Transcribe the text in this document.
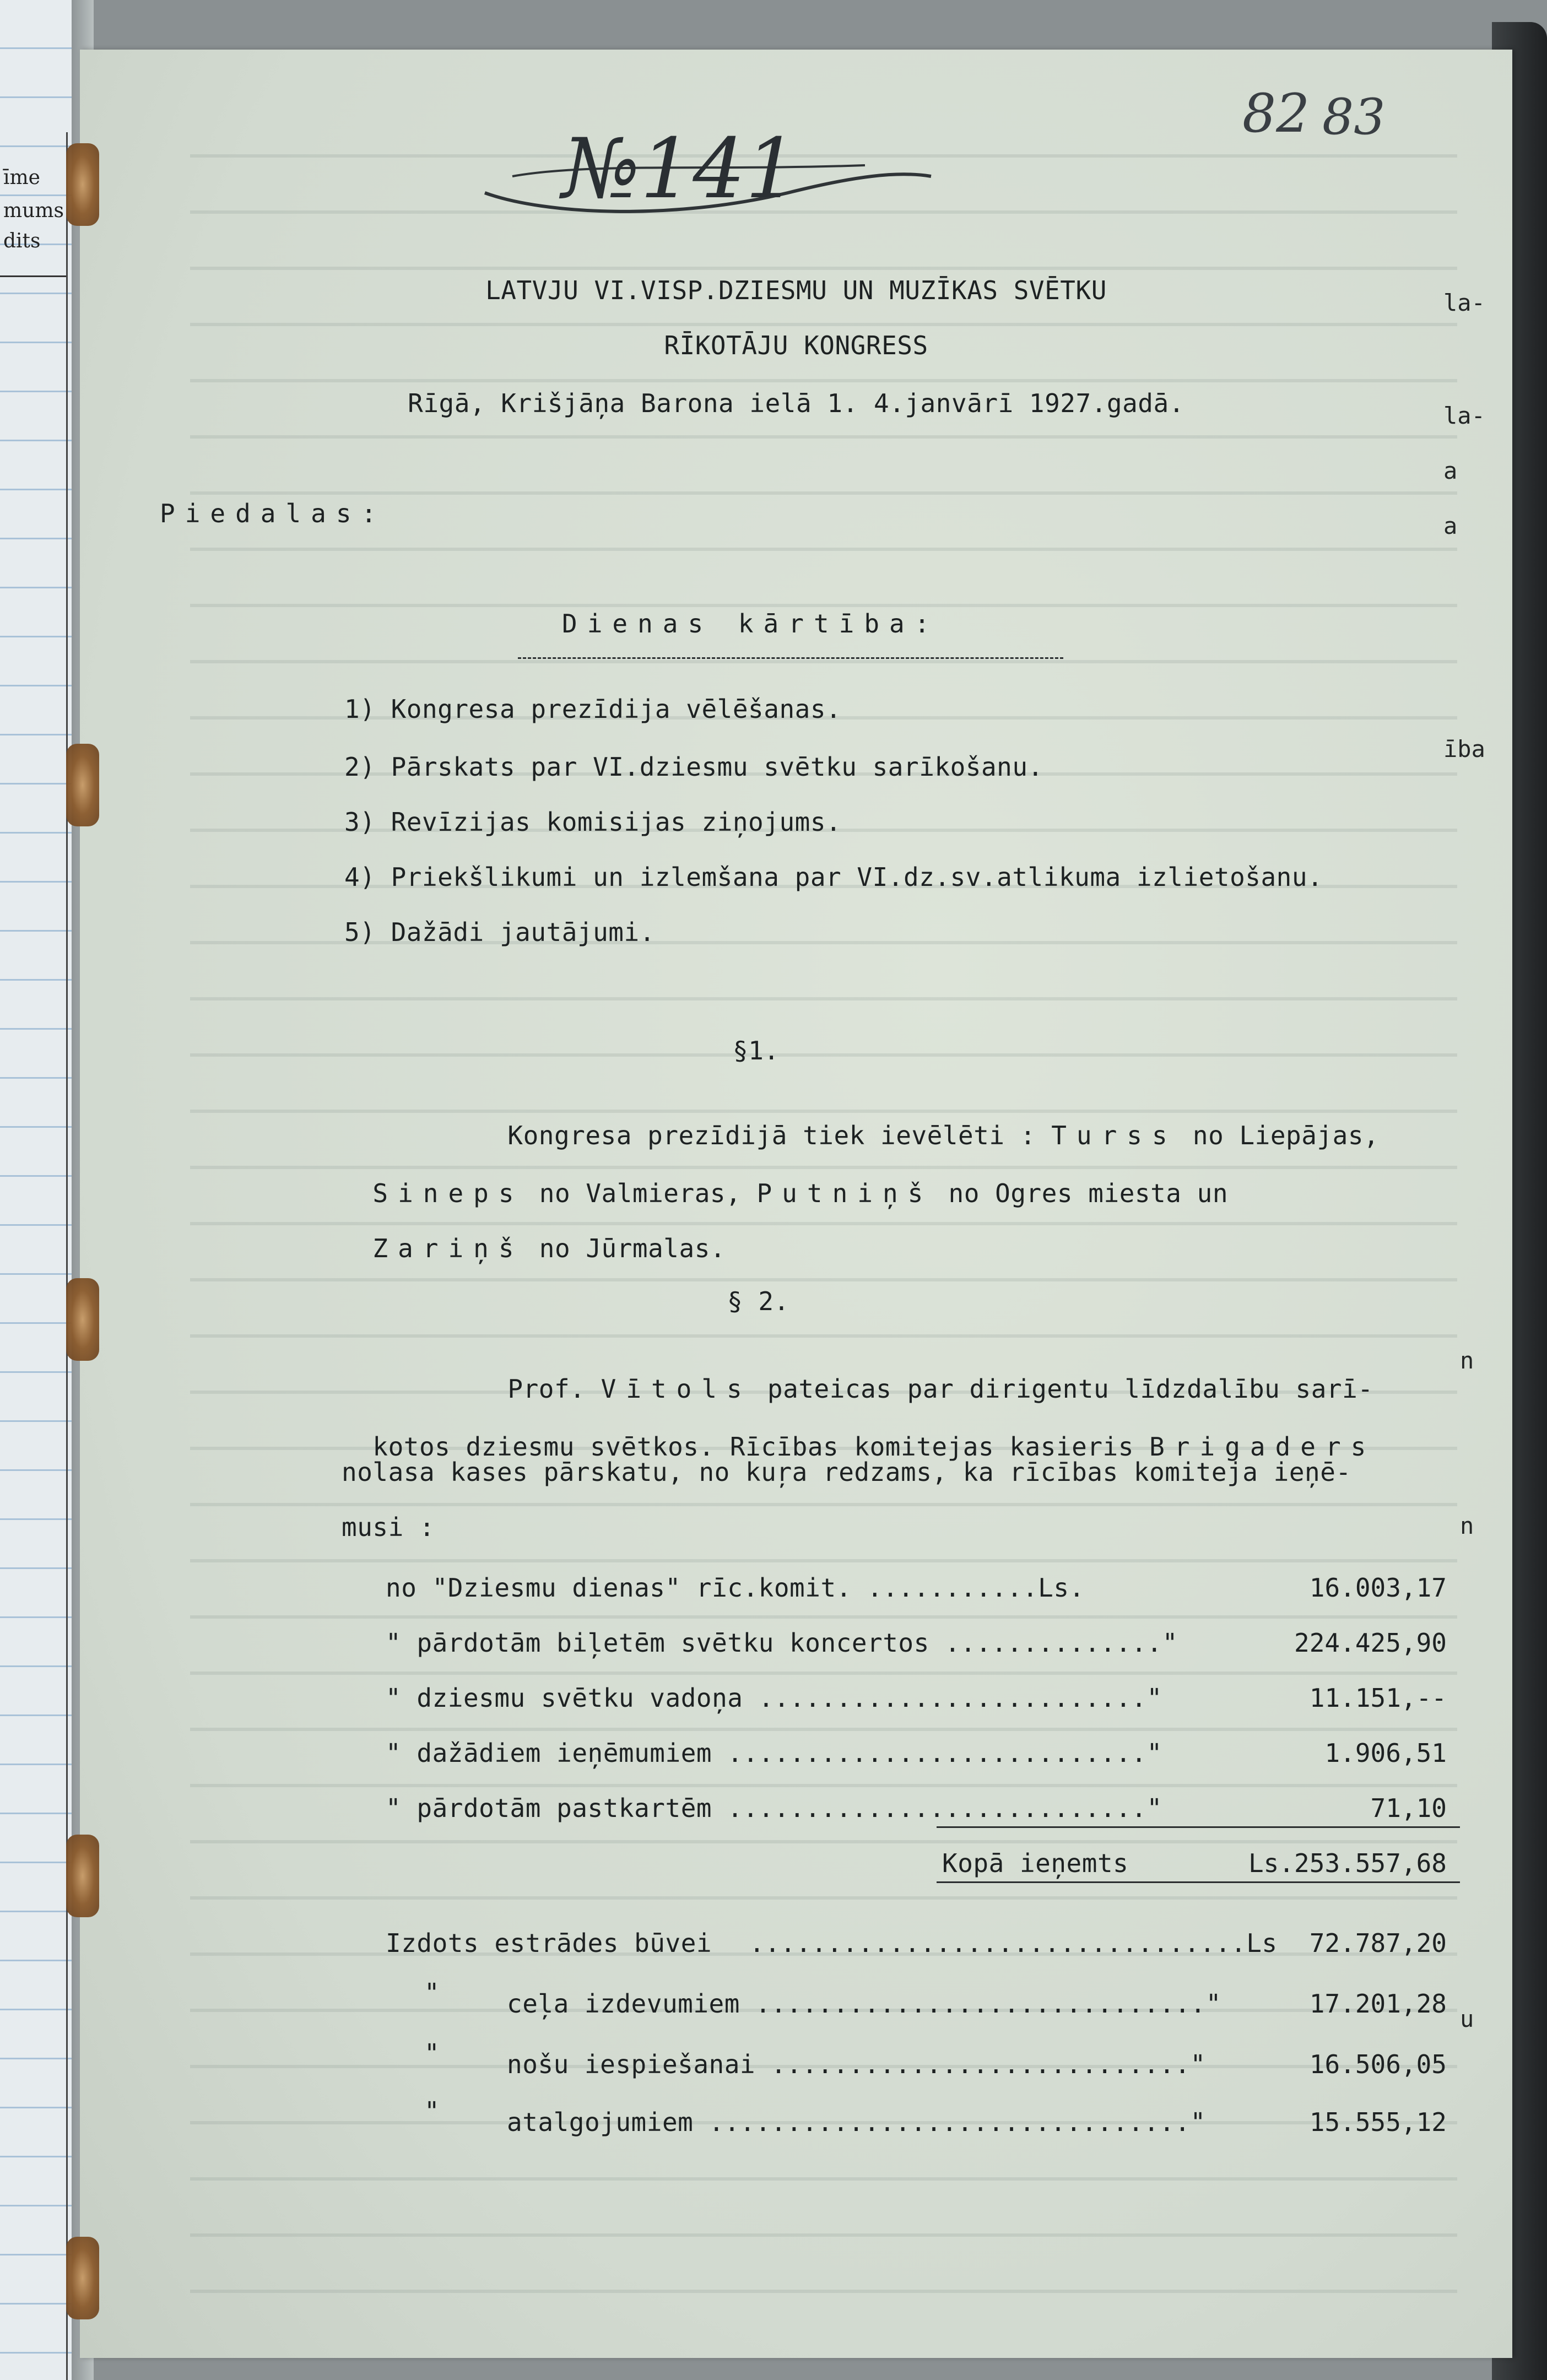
īme
mums
dits
82 83
№141
LATVJU VI.VISP.DZIESMU UN MUZĪKAS SVĒTKU
RĪKOTĀJU KONGRESS
Rīgā, Krišjāņa Barona ielā 1. 4.janvārī 1927.gadā.
Piedalas:
Dienas kārtība:
1) Kongresa prezīdija vēlēšanas.
2) Pārskats par VI.dziesmu svētku sarīkošanu.
3) Revīzijas komisijas ziņojums.
4) Priekšlikumi un izlemšana par VI.dz.sv.atlikuma izlietošanu.
5) Dažādi jautājumi.
§1.

Kongresa prezīdijā tiek ievēlēti : Turss no Liepājas,

Sineps no Valmieras, Putniņš no Ogres miesta un

Zariņš no Jūrmalas.

§ 2.

Prof. Vītols pateicas par dirigentu līdzdalību sarī-

kotos dziesmu svētkos. Rīcības komitejas kasieris Brigaders

nolasa kases pārskatu, no kuŗa redzams, ka rīcības komiteja ieņē-
musi :
no "Dziesmu dienas" rīc.komit. ...........Ls.	16.003,17
" pārdotām biļetēm svētku koncertos .............."	224.425,90
" dziesmu svētku vadoņa ........................."	11.151,--
" dažādiem ieņēmumiem ..........................."	1.906,51
" pārdotām pastkartēm ..........................."	71,10
Kopā ieņemts	Ls.253.557,68
Izdots estrādes būvei ................................Ls 72.787,20
"	ceļa izdevumiem ............................."	17.201,28
"	nošu iespiešanai ..........................."	16.506,05
"	atalgojumiem ..............................."	15.555,12
la-
la-
a
a
ība
n
n
u
